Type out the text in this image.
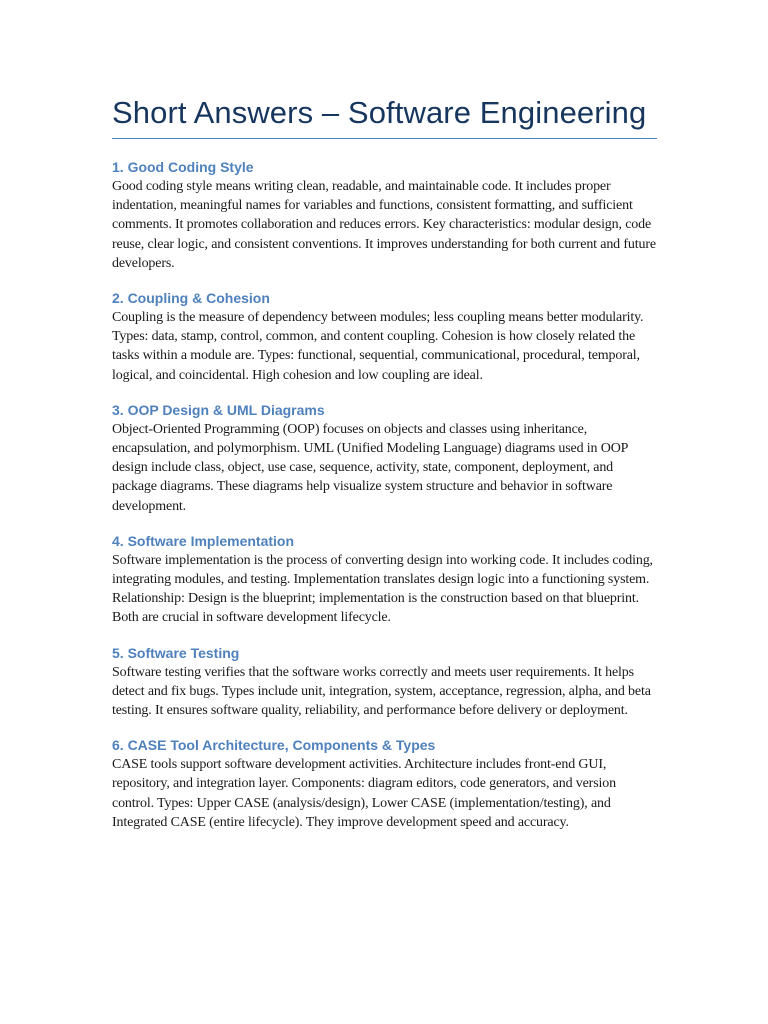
Short Answers – Software Engineering
1. Good Coding Style

Good coding style means writing clean, readable, and maintainable code. It includes proper indentation, meaningful names for variables and functions, consistent formatting, and sufficient comments. It promotes collaboration and reduces errors. Key characteristics: modular design, code reuse, clear logic, and consistent conventions. It improves understanding for both current and future developers.

2. Coupling & Cohesion

Coupling is the measure of dependency between modules; less coupling means better modularity. Types: data, stamp, control, common, and content coupling. Cohesion is how closely related the tasks within a module are. Types: functional, sequential, communicational, procedural, temporal, logical, and coincidental. High cohesion and low coupling are ideal.

3. OOP Design & UML Diagrams

Object-Oriented Programming (OOP) focuses on objects and classes using inheritance, encapsulation, and polymorphism. UML (Unified Modeling Language) diagrams used in OOP design include class, object, use case, sequence, activity, state, component, deployment, and package diagrams. These diagrams help visualize system structure and behavior in software development.

4. Software Implementation

Software implementation is the process of converting design into working code. It includes coding, integrating modules, and testing. Implementation translates design logic into a functioning system. Relationship: Design is the blueprint; implementation is the construction based on that blueprint. Both are crucial in software development lifecycle.

5. Software Testing

Software testing verifies that the software works correctly and meets user requirements. It helps detect and fix bugs. Types include unit, integration, system, acceptance, regression, alpha, and beta testing. It ensures software quality, reliability, and performance before delivery or deployment.

6. CASE Tool Architecture, Components & Types

CASE tools support software development activities. Architecture includes front-end GUI, repository, and integration layer. Components: diagram editors, code generators, and version control. Types: Upper CASE (analysis/design), Lower CASE (implementation/testing), and Integrated CASE (entire lifecycle). They improve development speed and accuracy.
